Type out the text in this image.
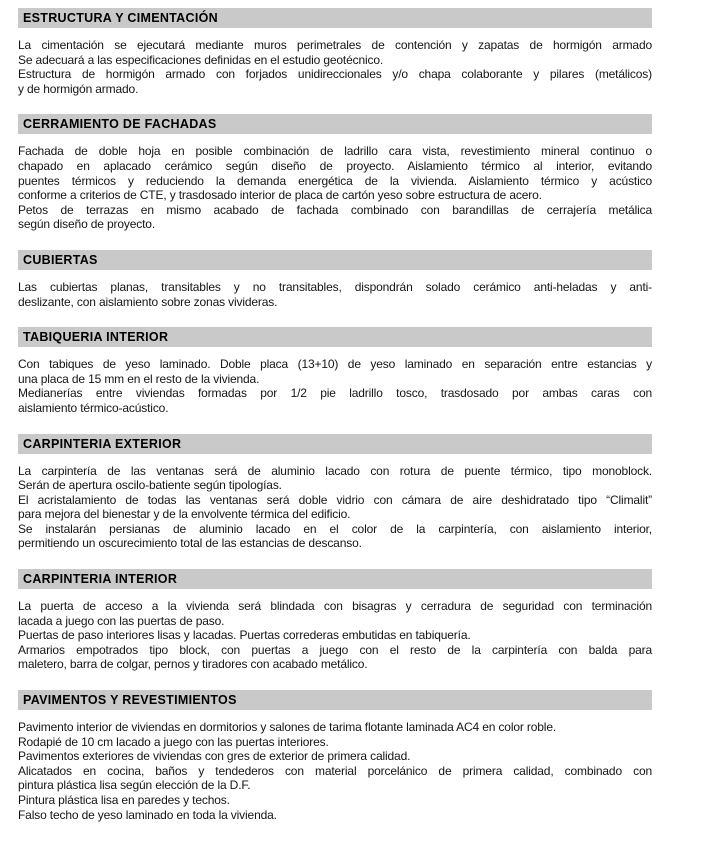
ESTRUCTURA Y CIMENTACIÓN
La cimentación se ejecutará mediante muros perimetrales de contención y zapatas de hormigón armado
Se adecuará a las especificaciones definidas en el estudio geotécnico.
Estructura de hormigón armado con forjados unidireccionales y/o chapa colaborante y pilares (metálicos)
y de hormigón armado.
CERRAMIENTO DE FACHADAS
Fachada de doble hoja en posible combinación de ladrillo cara vista, revestimiento mineral continuo o
chapado en aplacado cerámico según diseño de proyecto. Aislamiento térmico al interior, evitando
puentes térmicos y reduciendo la demanda energética de la vivienda. Aislamiento térmico y acústico
conforme a criterios de CTE, y trasdosado interior de placa de cartón yeso sobre estructura de acero.
Petos de terrazas en mismo acabado de fachada combinado con barandillas de cerrajería metálica
según diseño de proyecto.
CUBIERTAS
Las cubiertas planas, transitables y no transitables, dispondrán solado cerámico anti-heladas y anti-
deslizante, con aislamiento sobre zonas vivideras.
TABIQUERIA INTERIOR
Con tabiques de yeso laminado. Doble placa (13+10) de yeso laminado en separación entre estancias y
una placa de 15 mm en el resto de la vivienda.
Medianerías entre viviendas formadas por 1/2 pie ladrillo tosco, trasdosado por ambas caras con
aislamiento térmico-acústico.
CARPINTERIA EXTERIOR
La carpintería de las ventanas será de aluminio lacado con rotura de puente térmico, tipo monoblock.
Serán de apertura oscilo-batiente según tipologías.
El acristalamiento de todas las ventanas será doble vidrio con cámara de aire deshidratado tipo “Climalit”
para mejora del bienestar y de la envolvente térmica del edificio.
Se instalarán persianas de aluminio lacado en el color de la carpintería, con aislamiento interior,
permitiendo un oscurecimiento total de las estancias de descanso.
CARPINTERIA INTERIOR
La puerta de acceso a la vivienda será blindada con bisagras y cerradura de seguridad con terminación
lacada a juego con las puertas de paso.
Puertas de paso interiores lisas y lacadas. Puertas correderas embutidas en tabiquería.
Armarios empotrados tipo block, con puertas a juego con el resto de la carpintería con balda para
maletero, barra de colgar, pernos y tiradores con acabado metálico.
PAVIMENTOS Y REVESTIMIENTOS
Pavimento interior de viviendas en dormitorios y salones de tarima flotante laminada AC4 en color roble.
Rodapié de 10 cm lacado a juego con las puertas interiores.
Pavimentos exteriores de viviendas con gres de exterior de primera calidad.
Alicatados en cocina, baños y tendederos con material porcelánico de primera calidad, combinado con
pintura plástica lisa según elección de la D.F.
Pintura plástica lisa en paredes y techos.
Falso techo de yeso laminado en toda la vivienda.
